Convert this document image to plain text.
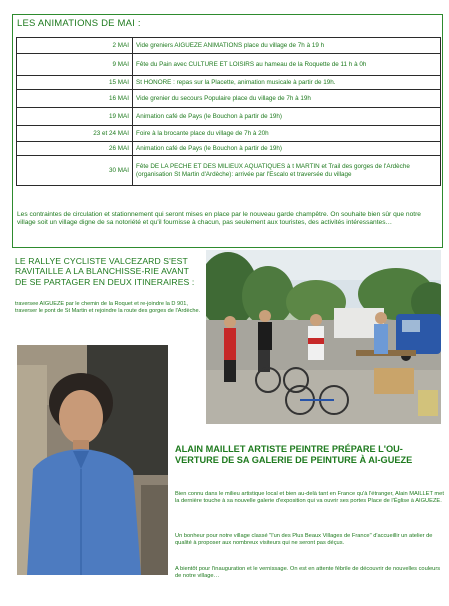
LES ANIMATIONS DE MAI :
2 MAI	Vide greniers AIGUEZE ANIMATIONS place du village de 7h à 19 h
9 MAI	Fête du Pain avec CULTURE ET LOISIRS au hameau de la Roquette de 11 h à 0h
15 MAI	St HONORE : repas sur la Placette, animation musicale à partir de 19h.
16 MAI	Vide grenier du secours Populaire place du village de 7h à 19h
19 MAI	Animation café de Pays (le Bouchon à partir de 19h)
23 et 24 MAI	Foire à la brocante place du village de 7h à 20h
26 MAI	Animation café de Pays (le Bouchon à partir de 19h)
30 MAI	Fête DE LA PECHE ET DES MILIEUX AQUATIQUES à t MARTIN et Trail des gorges de l'Ardèche (organisation St Martin d'Ardèche): arrivée par l'Escalo et traversée du village
Les contraintes de circulation et stationnement qui seront mises en place par le nouveau garde champêtre. On souhaite bien sûr que notre village soit un village digne de sa notoriété et qu'il fournisse à chacun, pas seulement aux touristes, des activités intéressantes…
LE RALLYE CYCLISTE VALCEZARD S'EST RAVITAILLE A LA BLANCHISSE-RIE AVANT DE SE PARTAGER EN DEUX ITINERAIRES :
traversee AIGUEZE par le chemin de la Roquet et re-joindre la D 901, traverser le pont de St Martin et rejoindre la route des gorges de l'Ardèche.
ALAIN MAILLET ARTISTE PEINTRE PRÉPARE L'OU-VERTURE DE SA GALERIE DE PEINTURE À AI-GUEZE
Bien connu dans le milieu artistique local et bien au-delà tant en France qu'à l'étranger, Alain MAILLET met la dernière touche à sa nouvelle galerie d'exposition qui va ouvrir ses portes Place de l'Église à AIGUEZE.
Un bonheur pour notre village classé "l'un des Plus Beaux Villages de France" d'accueillir un atelier de qualité à proposer aux nombreux visiteurs qui ne seront pas déçus.
A bientôt pour l'inauguration et le vernissage. On est en attente fébrile de découvrir de nouvelles couleurs de notre village…
